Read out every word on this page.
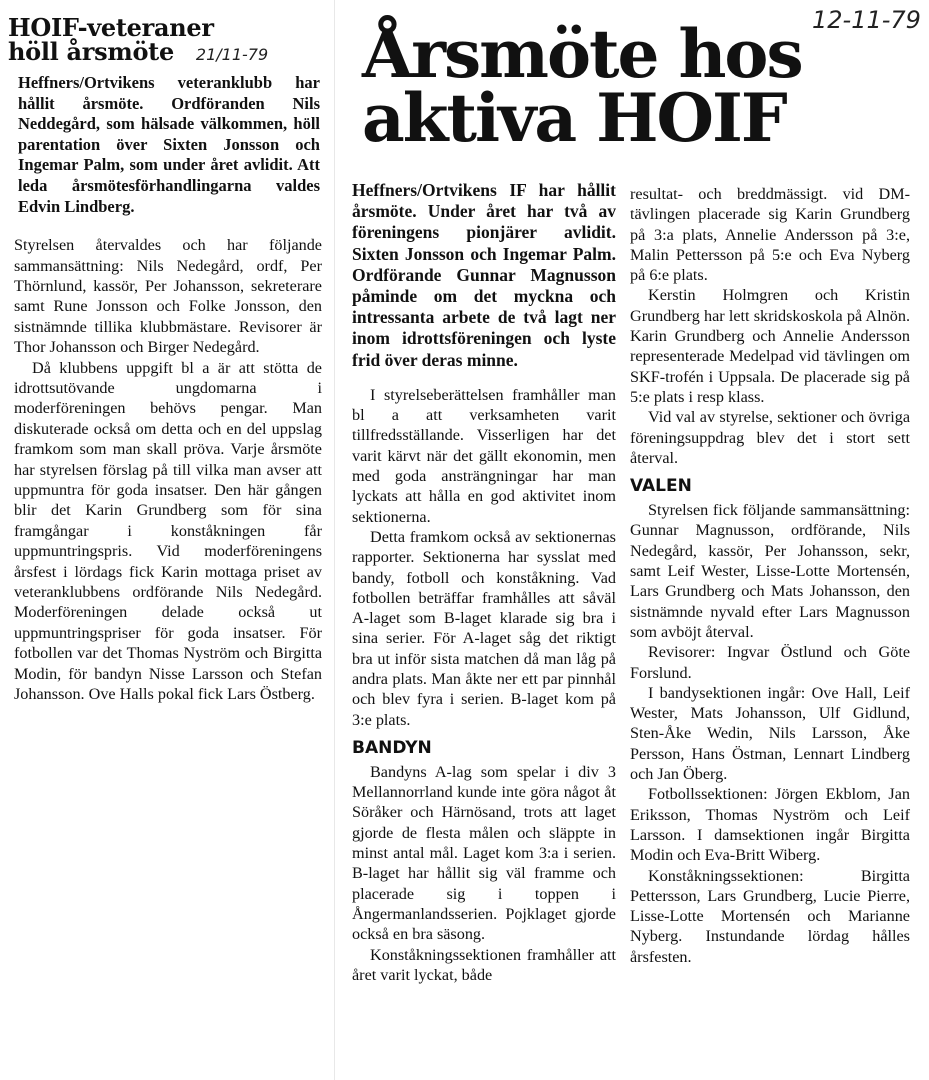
HOIF-veteraner
höll årsmöte 21/11-79
Heffners/Ortvikens veteranklubb har hållit årsmöte. Ordföranden Nils Neddegård, som hälsade välkommen, höll parentation över Sixten Jonsson och Ingemar Palm, som under året avlidit. Att leda årsmötesförhandlingarna valdes Edvin Lindberg.

Styrelsen återvaldes och har följande sammansättning: Nils Nedegård, ordf, Per Thörnlund, kassör, Per Johansson, sekreterare samt Rune Jonsson och Folke Jonsson, den sistnämnde tillika klubbmästare. Revisorer är Thor Johansson och Birger Nedegård.

Då klubbens uppgift bl a är att stötta de idrottsutövande ungdomarna i moderföreningen behövs pengar. Man diskuterade också om detta och en del uppslag framkom som man skall pröva. Varje årsmöte har styrelsen förslag på till vilka man avser att uppmuntra för goda insatser. Den här gången blir det Karin Grundberg som för sina framgångar i konståkningen får uppmuntringspris. Vid moderföreningens årsfest i lördags fick Karin mottaga priset av veteranklubbens ordförande Nils Nedegård. Moderföreningen delade också ut uppmuntringspriser för goda insatser. För fotbollen var det Thomas Nyström och Birgitta Modin, för bandyn Nisse Larsson och Stefan Johansson. Ove Halls pokal fick Lars Östberg.

12-11-79
Årsmöte hos
aktiva HOIF
Heffners/Ortvikens IF har hållit årsmöte. Under året har två av föreningens pionjärer avlidit. Sixten Jonsson och Ingemar Palm. Ordförande Gunnar Magnusson påminde om det myckna och intressanta arbete de två lagt ner inom idrottsföreningen och lyste frid över deras minne.

I styrelseberättelsen framhåller man bl a att verksamheten varit tillfredsställande. Visserligen har det varit kärvt när det gällt ekonomin, men med goda ansträngningar har man lyckats att hålla en god aktivitet inom sektionerna.

Detta framkom också av sektionernas rapporter. Sektionerna har sysslat med bandy, fotboll och konståkning. Vad fotbollen beträffar framhålles att såväl A-laget som B-laget klarade sig bra i sina serier. För A-laget såg det riktigt bra ut inför sista matchen då man låg på andra plats. Man åkte ner ett par pinnhål och blev fyra i serien. B-laget kom på 3:e plats.

BANDYN

Bandyns A-lag som spelar i div 3 Mellannorrland kunde inte göra något åt Söråker och Härnösand, trots att laget gjorde de flesta målen och släppte in minst antal mål. Laget kom 3:a i serien. B-laget har hållit sig väl framme och placerade sig i toppen i Ångermanlandsserien. Pojklaget gjorde också en bra säsong.

Konståkningssektionen framhåller att året varit lyckat, både

resultat- och breddmässigt. vid DM-tävlingen placerade sig Karin Grundberg på 3:a plats, Annelie Andersson på 3:e, Malin Pettersson på 5:e och Eva Nyberg på 6:e plats.

Kerstin Holmgren och Kristin Grundberg har lett skridskoskola på Alnön. Karin Grundberg och Annelie Andersson representerade Medelpad vid tävlingen om SKF-trofén i Uppsala. De placerade sig på 5:e plats i resp klass.

Vid val av styrelse, sektioner och övriga föreningsuppdrag blev det i stort sett återval.

VALEN

Styrelsen fick följande sammansättning: Gunnar Magnusson, ordförande, Nils Nedegård, kassör, Per Johansson, sekr, samt Leif Wester, Lisse-Lotte Mortensén, Lars Grundberg och Mats Johansson, den sistnämnde nyvald efter Lars Magnusson som avböjt återval.

Revisorer: Ingvar Östlund och Göte Forslund.

I bandysektionen ingår: Ove Hall, Leif Wester, Mats Johansson, Ulf Gidlund, Sten-Åke Wedin, Nils Larsson, Åke Persson, Hans Östman, Lennart Lindberg och Jan Öberg.

Fotbollssektionen: Jörgen Ekblom, Jan Eriksson, Thomas Nyström och Leif Larsson. I damsektionen ingår Birgitta Modin och Eva-Britt Wiberg.

Konståkningssektionen: Birgitta Pettersson, Lars Grundberg, Lucie Pierre, Lisse-Lotte Mortensén och Marianne Nyberg. Instundande lördag hålles årsfesten.
